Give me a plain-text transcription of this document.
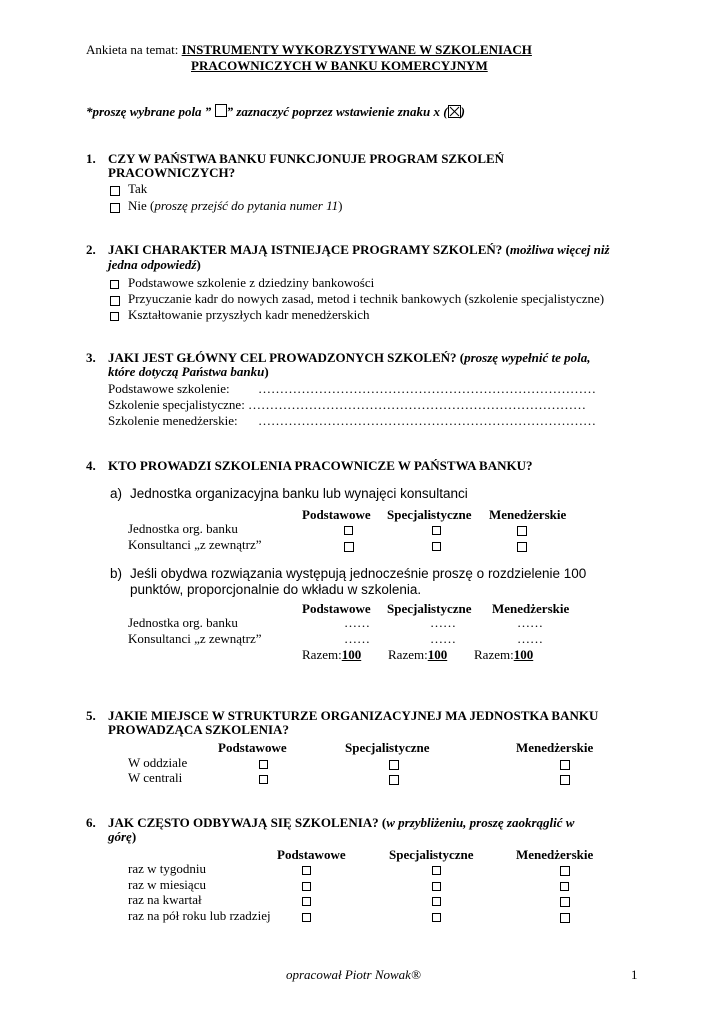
Ankieta na temat: INSTRUMENTY WYKORZYSTYWANE W SZKOLENIACH
PRACOWNICZYCH W BANKU KOMERCYJNYM
*proszę wybrane pola ” ” zaznaczyć poprzez wstawienie znaku x (☒)
1. CZY W PAŃSTWA BANKU FUNKCJONUJE PROGRAM SZKOLEŃ
PRACOWNICZYCH?
Tak
Nie (proszę przejść do pytania numer 11)
2. JAKI CHARAKTER MAJĄ ISTNIEJĄCE PROGRAMY SZKOLEŃ? (możliwa więcej niż
jedna odpowiedź)
Podstawowe szkolenie z dziedziny bankowości
Przyuczanie kadr do nowych zasad, metod i technik bankowych (szkolenie specjalistyczne)
Kształtowanie przyszłych kadr menedżerskich
3. JAKI JEST GŁÓWNY CEL PROWADZONYCH SZKOLEŃ? (proszę wypełnić te pola,
które dotyczą Państwa banku)
Podstawowe szkolenie: ……………………………………………………………………
Szkolenie specjalistyczne: ……………………………………………………………………
Szkolenie menedżerskie: ……………………………………………………………………
4. KTO PROWADZI SZKOLENIA PRACOWNICZE W PAŃSTWA BANKU?
a) Jednostka organizacyjna banku lub wynajęci konsultanci
Podstawowe Specjalistyczne Menedżerskie
Jednostka org. banku
Konsultanci „z zewnątrz”
b) Jeśli obydwa rozwiązania występują jednocześnie proszę o rozdzielenie 100
punktów, proporcjonalnie do wkładu w szkolenia.
Podstawowe Specjalistyczne Menedżerskie
Jednostka org. banku	……	……	……
Konsultanci „z zewnątrz”	……	……	……
Razem:100 Razem:100 Razem:100
5. JAKIE MIEJSCE W STRUKTURZE ORGANIZACYJNEJ MA JEDNOSTKA BANKU
PROWADZĄCA SZKOLENIA?
Podstawowe	Specjalistyczne	Menedżerskie
W oddziale
W centrali
6. JAK CZĘSTO ODBYWAJĄ SIĘ SZKOLENIA? (w przybliżeniu, proszę zaokrąglić w
górę)
Podstawowe	Specjalistyczne	Menedżerskie
raz w tygodniu
raz w miesiącu
raz na kwartał
raz na pół roku lub rzadziej
opracował Piotr Nowak®	1
